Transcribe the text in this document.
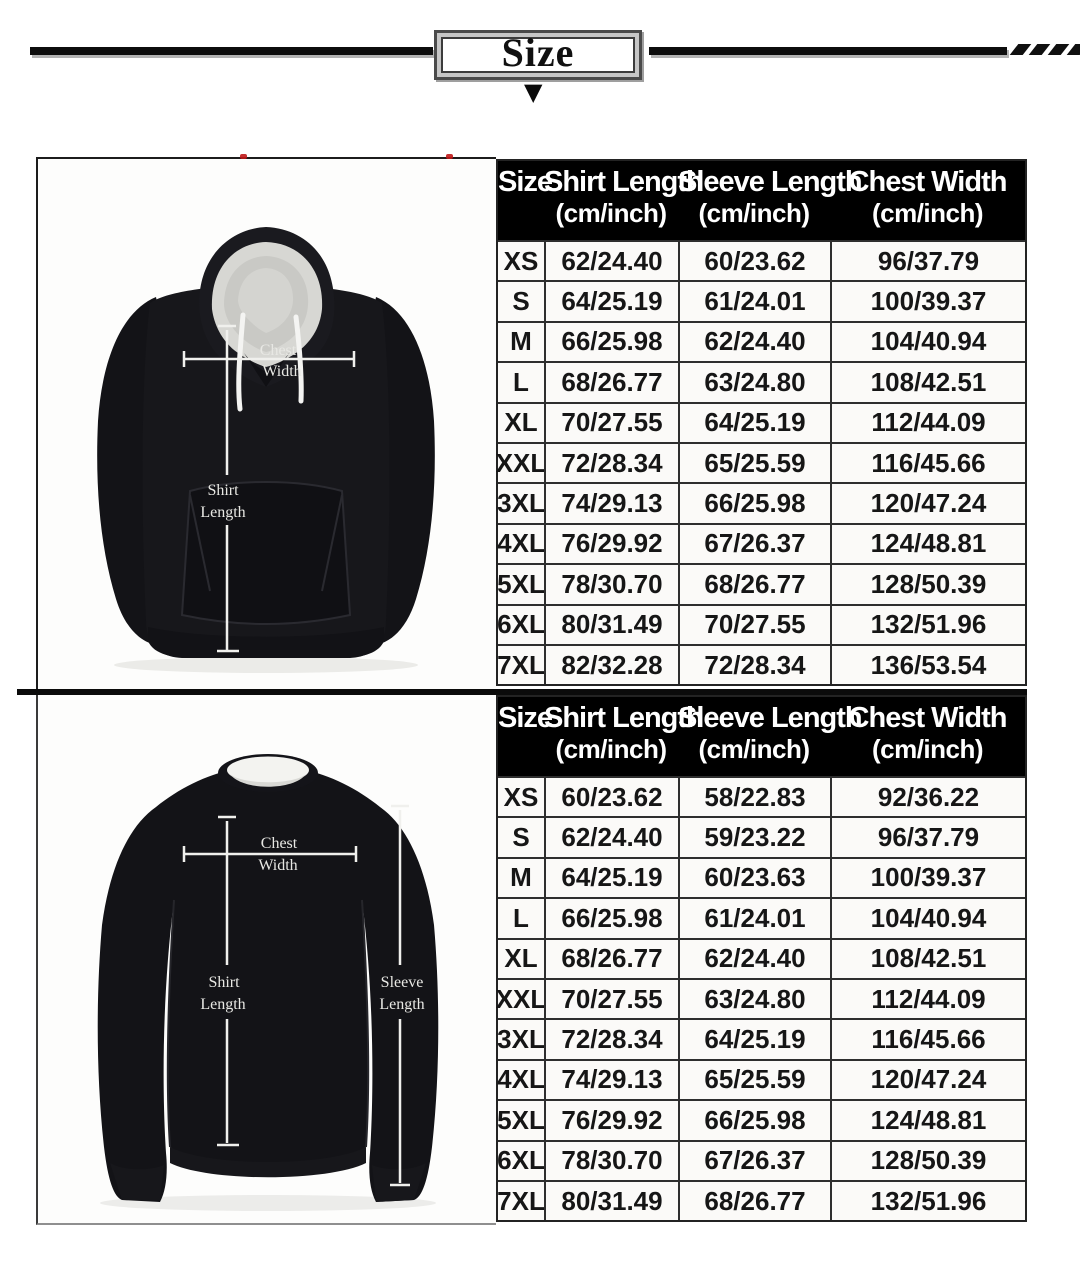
Size
▼
Chest
Width
Shirt
Length
Size
Shirt Length
(cm/inch)
Sleeve Length
(cm/inch)
Chest Width
(cm/inch)
XS 62/24.40	60/23.62	96/37.79
S	64/25.19	61/24.01	100/39.37
M	66/25.98	62/24.40	104/40.94
L	68/26.77	63/24.80	108/42.51
XL 70/27.55	64/25.19	112/44.09
XXL 72/28.34	65/25.59	116/45.66
3XL 74/29.13	66/25.98	120/47.24
4XL 76/29.92	67/26.37	124/48.81
5XL 78/30.70	68/26.77	128/50.39
6XL 80/31.49	70/27.55	132/51.96
7XL 82/32.28	72/28.34	136/53.54
Chest
Width
Shirt
Length
Sleeve
Length
Size
Shirt Length
(cm/inch)
Sleeve Length
(cm/inch)
Chest Width
(cm/inch)
XS 60/23.62	58/22.83	92/36.22
S	62/24.40	59/23.22	96/37.79
M	64/25.19	60/23.63	100/39.37
L	66/25.98	61/24.01	104/40.94
XL 68/26.77	62/24.40	108/42.51
XXL 70/27.55	63/24.80	112/44.09
3XL 72/28.34	64/25.19	116/45.66
4XL 74/29.13	65/25.59	120/47.24
5XL 76/29.92	66/25.98	124/48.81
6XL 78/30.70	67/26.37	128/50.39
7XL 80/31.49	68/26.77	132/51.96
